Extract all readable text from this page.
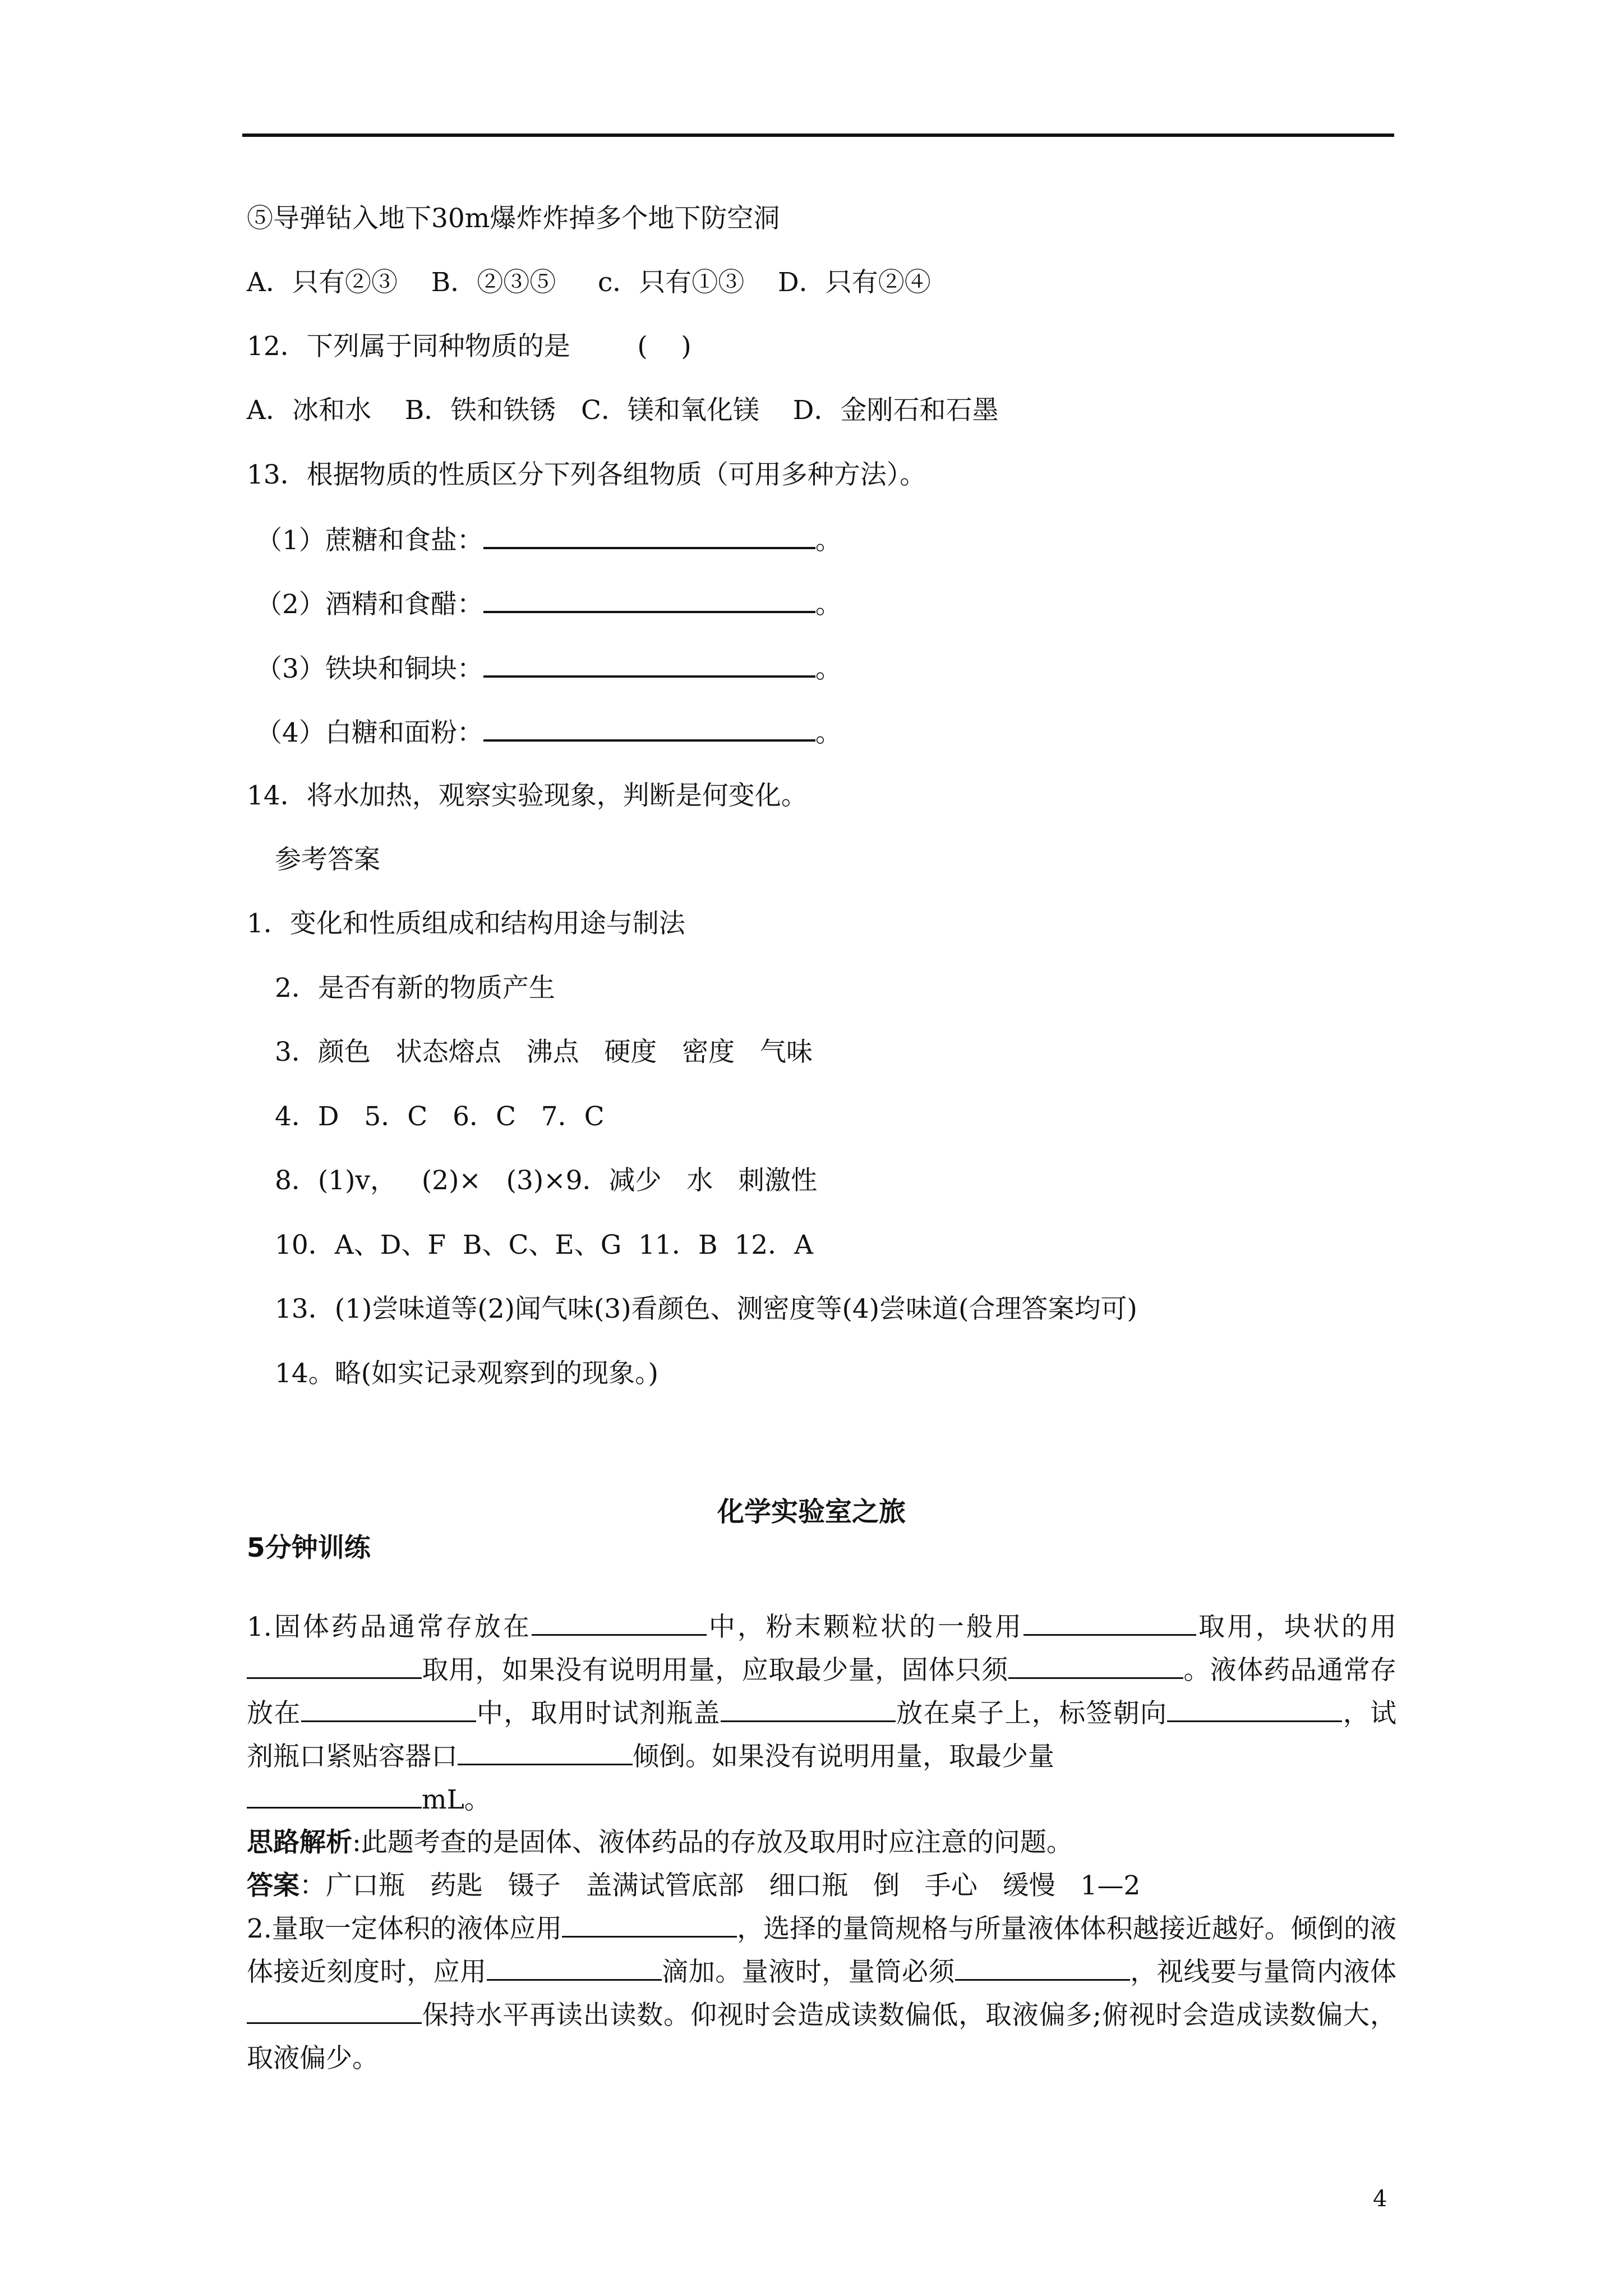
⑤导弹钻入地下30m爆炸炸掉多个地下防空洞
A．只有②③    B．②③⑤     c．只有①③    D．只有②④
12．下列属于同种物质的是        (    )
A．冰和水    B．铁和铁锈   C．镁和氧化镁    D．金刚石和石墨
13．根据物质的性质区分下列各组物质（可用多种方法）。
（1）蔗糖和食盐：	。
（2）酒精和食醋：	。
（3）铁块和铜块：	。
（4）白糖和面粉：	。
14．将水加热，观察实验现象，判断是何变化。
参考答案
1．变化和性质组成和结构用途与制法
2．是否有新的物质产生
3．颜色   状态熔点   沸点   硬度   密度   气味
4．D   5．C   6．C   7．C
8．(1)v，   (2)×   (3)×9．减少   水   刺激性
10．A、D、F  B、C、E、G  11．B  12．A
13．(1)尝味道等(2)闻气味(3)看颜色、测密度等(4)尝味道(合理答案均可)
14。略(如实记录观察到的现象。)
化学实验室之旅
5分钟训练
1.固体药品通常存放在	中，粉末颗粒状的一般用	取用，块状的用取用，如果没有说明用量，应取最少量，固体只须	。液体药品通常存放在	中，取用时试剂瓶盖	放在桌子上，标签朝向	，试剂瓶口紧贴容器口	倾倒。如果没有说明用量，取最少量
mL。
思路解析:此题考查的是固体、液体药品的存放及取用时应注意的问题。
答案：广口瓶   药匙   镊子   盖满试管底部   细口瓶   倒   手心   缓慢   1—2
2.量取一定体积的液体应用	，选择的量筒规格与所量液体体积越接近越好。倾倒的液体接近刻度时，应用	滴加。量液时，量筒必须	，视线要与量筒内液体保持水平再读出读数。仰视时会造成读数偏低，取液偏多;俯视时会造成读数偏大，取液偏少。
4
